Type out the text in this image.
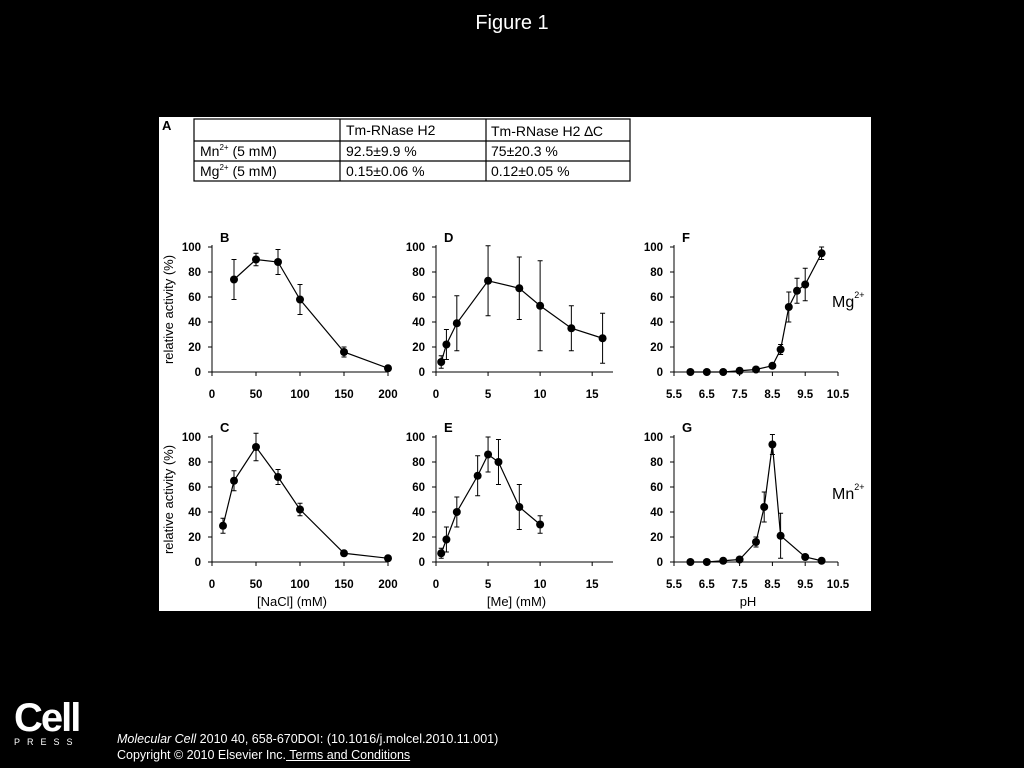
Figure 1
A	Tm-RNase H2	Tm-RNase H2 ∆C
$Mn^{2+}$ (5 mM)	92.5±9.9 %	75±20.3 %
$Mg^{2+}$ (5 mM)	0.15±0.06 %	0.12±0.05 %
$Mg^{2+}$
$Mn^{2+}$
B
0
20
40
60
80
100
0	50 100 150 200
relative activity (%)
D
0
20
40
60
80
100
0	5	10	15
F
0
20
40
60
80
100
5.5 6.5 7.5 8.5 9.5 10.5
C
0
20
40
60
80
100
0	50 100 150 200
relative activity (%)
[NaCl] (mM)
E
0
20
40
60
80
100
0	5	10	15
[Me] (mM)
G
0
20
40
60
80
100
5.5 6.5 7.5 8.5 9.5 10.5
pH
Cell
PRESS	Molecular Cell 2010 40, 658-670DOI: (10.1016/j.molcel.2010.11.001)
Copyright © 2010 Elsevier Inc. Terms and Conditions
